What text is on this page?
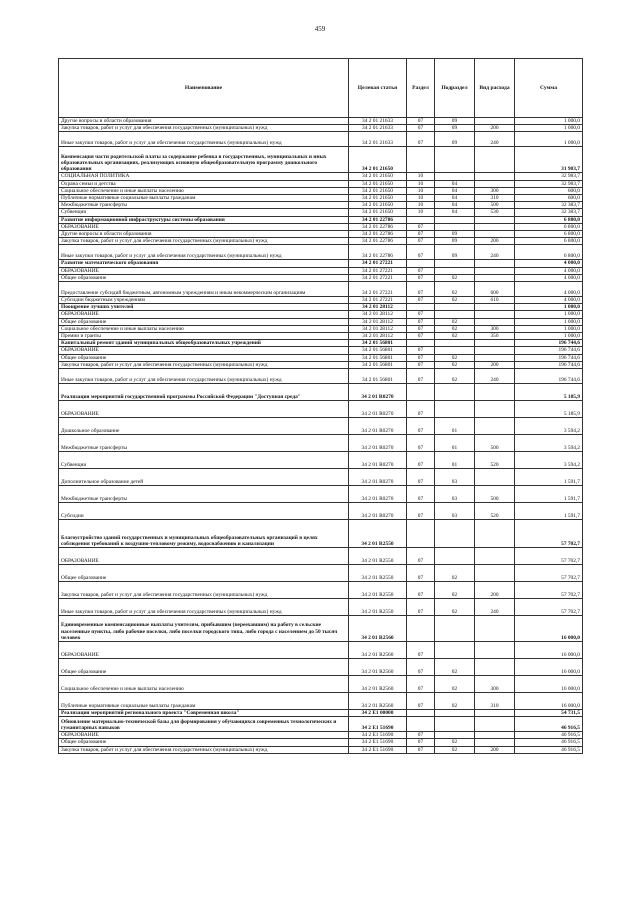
459
Наименование	Целевая статья	Раздел	Подраздел	Вид расхода	Сумма
Другие вопросы в области образования	34 2 01 21633	07	09		1 000,0
Закупка товаров, работ и услуг для обеспечения государственных (муниципальных) нужд	34 2 01 21633	07	09	200	1 000,0
Иные закупки товаров, работ и услуг для обеспечения государственных (муниципальных) нужд	34 2 01 21633	07	09	240	1 000,0
Компенсация части родительской платы за содержание ребенка в государственных, муниципальных и иных образовательных организациях, реализующих основную общеобразовательную программу дошкольного образования	34 2 01 21650				31 983,7
СОЦИАЛЬНАЯ ПОЛИТИКА	34 2 01 21650	10			32 983,7
Охрана семьи и детства	34 2 01 21650	10	04		32 983,7
Социальное обеспечение и иные выплаты населению	34 2 01 21650	10	04	300	600,0
Публичные нормативные социальные выплаты гражданам	34 2 01 21650	10	04	310	600,0
Межбюджетные трансферты	34 2 01 21650	10	04	500	32 383,7
Субвенции	34 2 01 21650	10	04	530	32 383,7
Развитие информационной инфраструктуры системы образования	34 2 01 22786				6 800,0
ОБРАЗОВАНИЕ	34 2 01 22786	07			6 800,0
Другие вопросы в области образования	34 2 01 22786	07	09		6 800,0
Закупка товаров, работ и услуг для обеспечения государственных (муниципальных) нужд	34 2 01 22786	07	09	200	6 800,0
Иные закупки товаров, работ и услуг для обеспечения государственных (муниципальных) нужд	34 2 01 22786	07	09	240	6 800,0
Развитие математического образования	34 2 01 27221				4 000,0
ОБРАЗОВАНИЕ	34 2 01 27221	07			4 000,0
Общее образование	34 2 01 27221	07	02		4 000,0
Предоставление субсидий бюджетным, автономным учреждениям и иным некоммерческим организациям	34 2 01 27221	07	02	600	4 000,0
Субсидии бюджетным учреждениям	34 2 01 27221	07	02	610	4 000,0
Поощрение лучших учителей	34 2 01 28112				1 000,0
ОБРАЗОВАНИЕ	34 2 01 28112	07			1 000,0
Общее образование	34 2 01 28112	07	02		1 000,0
Социальное обеспечение и иные выплаты населению	34 2 01 28112	07	02	300	1 000,0
Премии и гранты	34 2 01 28112	07	02	350	1 000,0
Капитальный ремонт зданий муниципальных общеобразовательных учреждений	34 2 01 56801				196 744,6
ОБРАЗОВАНИЕ	34 2 01 56801	07			196 744,6
Общее образование	34 2 01 56801	07	02		196 744,6
Закупка товаров, работ и услуг для обеспечения государственных (муниципальных) нужд	34 2 01 56801	07	02	200	196 744,6
Иные закупки товаров, работ и услуг для обеспечения государственных (муниципальных) нужд	34 2 01 56801	07	02	240	196 744,6
Реализация мероприятий государственной программы Российской Федерации "Доступная среда"	34 2 01 R0270				5 185,9
ОБРАЗОВАНИЕ	34 2 01 R0270	07			5 185,9
Дошкольное образование	34 2 01 R0270	07	01		3 594,2
Межбюджетные трансферты	34 2 01 R0270	07	01	500	3 594,2
Субвенции	34 2 01 R0270	07	01	520	3 594,2
Дополнительное образование детей	34 2 01 R0270	07	03		1 591,7
Межбюджетные трансферты	34 2 01 R0270	07	03	500	1 591,7
Субсидии	34 2 01 R0270	07	03	520	1 591,7
Благоустройство зданий государственных и муниципальных общеобразовательных организаций в целях соблюдения требований к воздушно-тепловому режиму, водоснабжению и канализации	34 2 01 R2550				57 702,7
ОБРАЗОВАНИЕ	34 2 01 R2550	07			57 702,7
Общее образование	34 2 01 R2550	07	02		57 702,7
Закупка товаров, работ и услуг для обеспечения государственных (муниципальных) нужд	34 2 01 R2550	07	02	200	57 702,7
Иные закупки товаров, работ и услуг для обеспечения государственных (муниципальных) нужд	34 2 01 R2550	07	02	240	57 702,7
Единовременные компенсационные выплаты учителям, прибывшим (переехавшим) на работу в сельские населенные пункты, либо рабочие поселки, либо поселки городского типа, либо города с населением до 50 тысяч человек	34 2 01 R2560				16 000,0
ОБРАЗОВАНИЕ	34 2 01 R2560	07			16 000,0
Общее образование	34 2 01 R2560	07	02		16 000,0
Социальное обеспечение и иные выплаты населению	34 2 01 R2560	07	02	300	16 000,0
Публичные нормативные социальные выплаты гражданам	34 2 01 R2560	07	02	310	16 000,0
Реализация мероприятий регионального проекта "Современная школа"	34 2 E1 00000				54 731,5
Обновление материально-технической базы для формирования у обучающихся современных технологических и гуманитарных навыков	34 2 E1 51690				46 916,5
ОБРАЗОВАНИЕ	34 2 E1 51690	07			46 916,5
Общее образование	34 2 E1 51690	07	02		46 916,5
Закупка товаров, работ и услуг для обеспечения государственных (муниципальных) нужд	34 2 E1 51690	07	02	200	46 916,5
